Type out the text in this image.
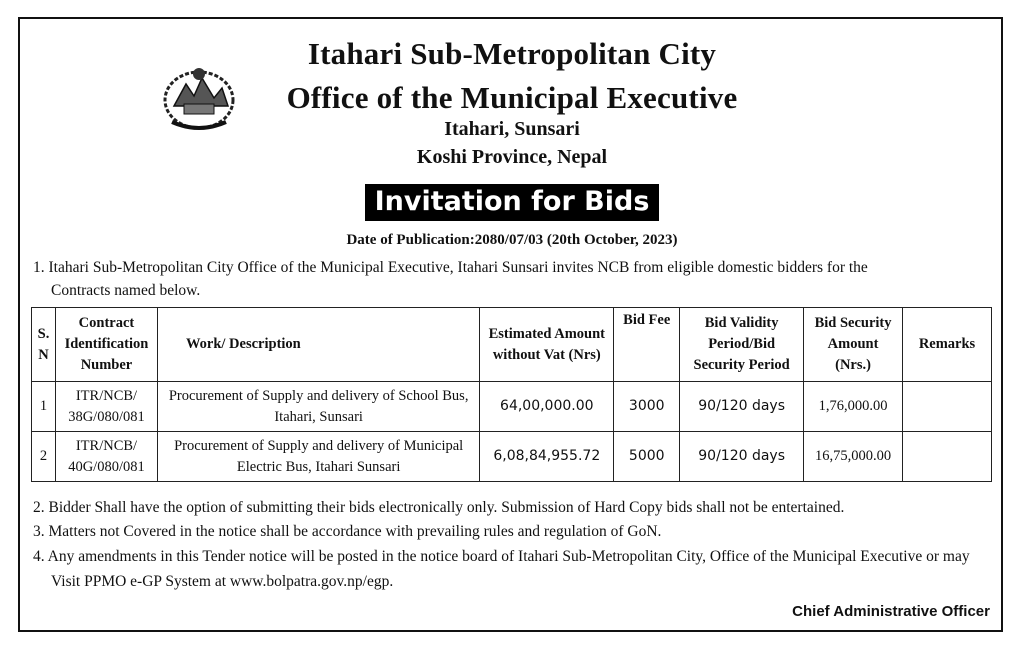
Itahari Sub-Metropolitan City
Office of the Municipal Executive
Itahari, Sunsari
Koshi Province, Nepal
Invitation for Bids
Date of Publication:2080/07/03 (20th October, 2023)
1. Itahari Sub-Metropolitan City Office of the Municipal Executive, Itahari Sunsari invites NCB from eligible domestic bidders for the
Contracts named below.
S. N	Contract Identification Number	Work/ Description	Estimated Amount without Vat (Nrs)	Bid Fee	Bid Validity Period/Bid Security Period	Bid Security Amount (Nrs.)	Remarks
1	ITR/NCB/ 38G/080/081	Procurement of Supply and delivery of School Bus, Itahari, Sunsari	64,00,000.00	3000	90/120 days	1,76,000.00	
2	ITR/NCB/ 40G/080/081	Procurement of Supply and delivery of Municipal Electric Bus, Itahari Sunsari	6,08,84,955.72	5000	90/120 days	16,75,000.00	
2. Bidder Shall have the option of submitting their bids electronically only. Submission of Hard Copy bids shall not be entertained.
3. Matters not Covered in the notice shall be accordance with prevailing rules and regulation of GoN.
4. Any amendments in this Tender notice will be posted in the notice board of Itahari Sub-Metropolitan City, Office of the Municipal Executive or may
Visit PPMO e-GP System at www.bolpatra.gov.np/egp.
Chief Administrative Officer
